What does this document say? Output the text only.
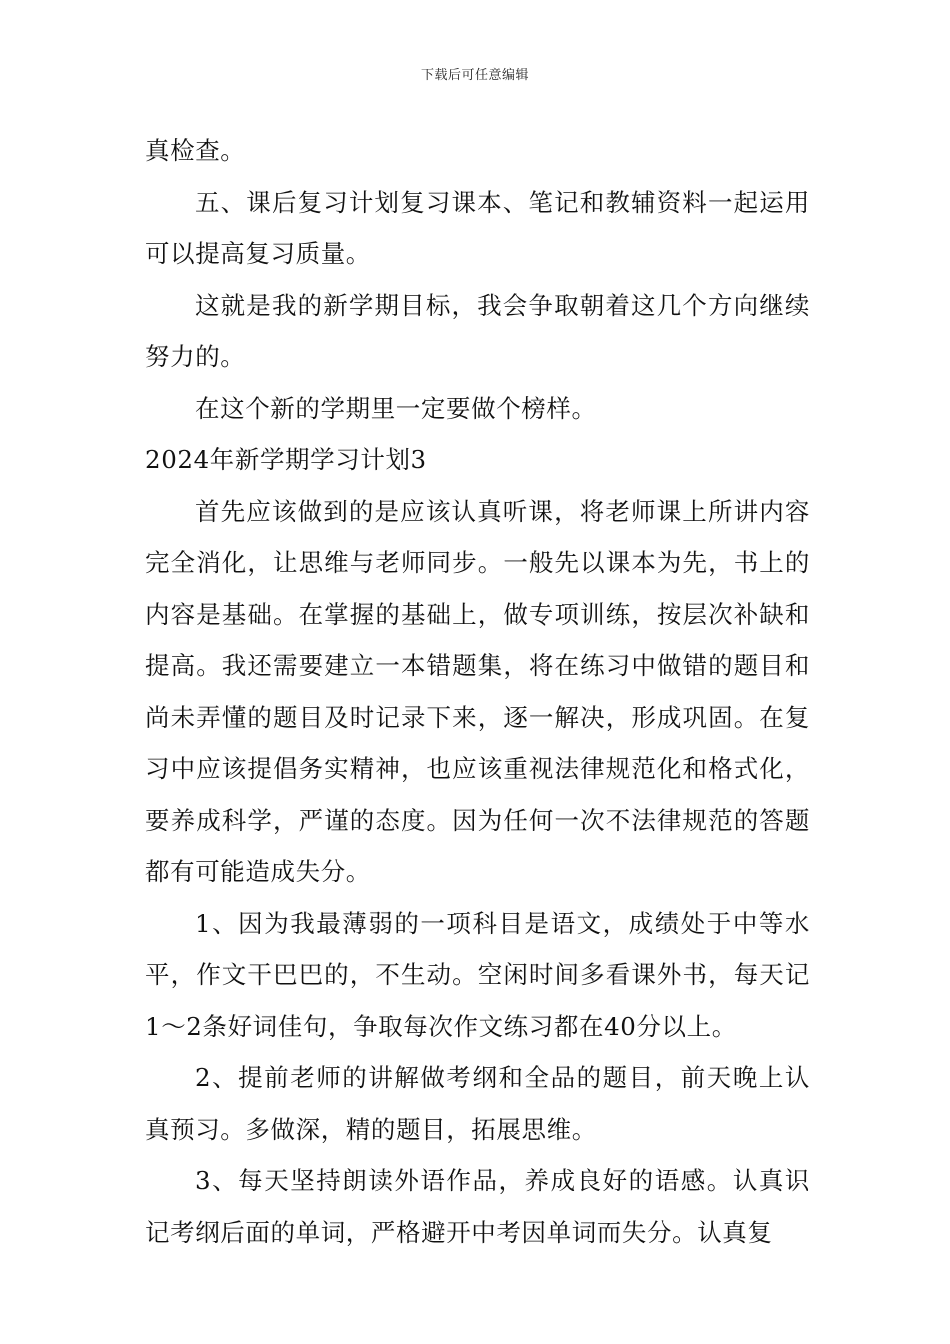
下载后可任意编辑

真检查。

五、课后复习计划复习课本、笔记和教辅资料一起运用可以提高复习质量。

这就是我的新学期目标，我会争取朝着这几个方向继续努力的。

在这个新的学期里一定要做个榜样。

2024年新学期学习计划3

首先应该做到的是应该认真听课，将老师课上所讲内容完全消化，让思维与老师同步。一般先以课本为先，书上的内容是基础。在掌握的基础上，做专项训练，按层次补缺和提高。我还需要建立一本错题集，将在练习中做错的题目和尚未弄懂的题目及时记录下来，逐一解决，形成巩固。在复习中应该提倡务实精神，也应该重视法律规范化和格式化，要养成科学，严谨的态度。因为任何一次不法律规范的答题都有可能造成失分。

1、因为我最薄弱的一项科目是语文，成绩处于中等水平，作文干巴巴的，不生动。空闲时间多看课外书，每天记1～2条好词佳句，争取每次作文练习都在40分以上。

2、提前老师的讲解做考纲和全品的题目，前天晚上认真预习。多做深，精的题目，拓展思维。

3、每天坚持朗读外语作品，养成良好的语感。认真识记考纲后面的单词，严格避开中考因单词而失分。认真复
